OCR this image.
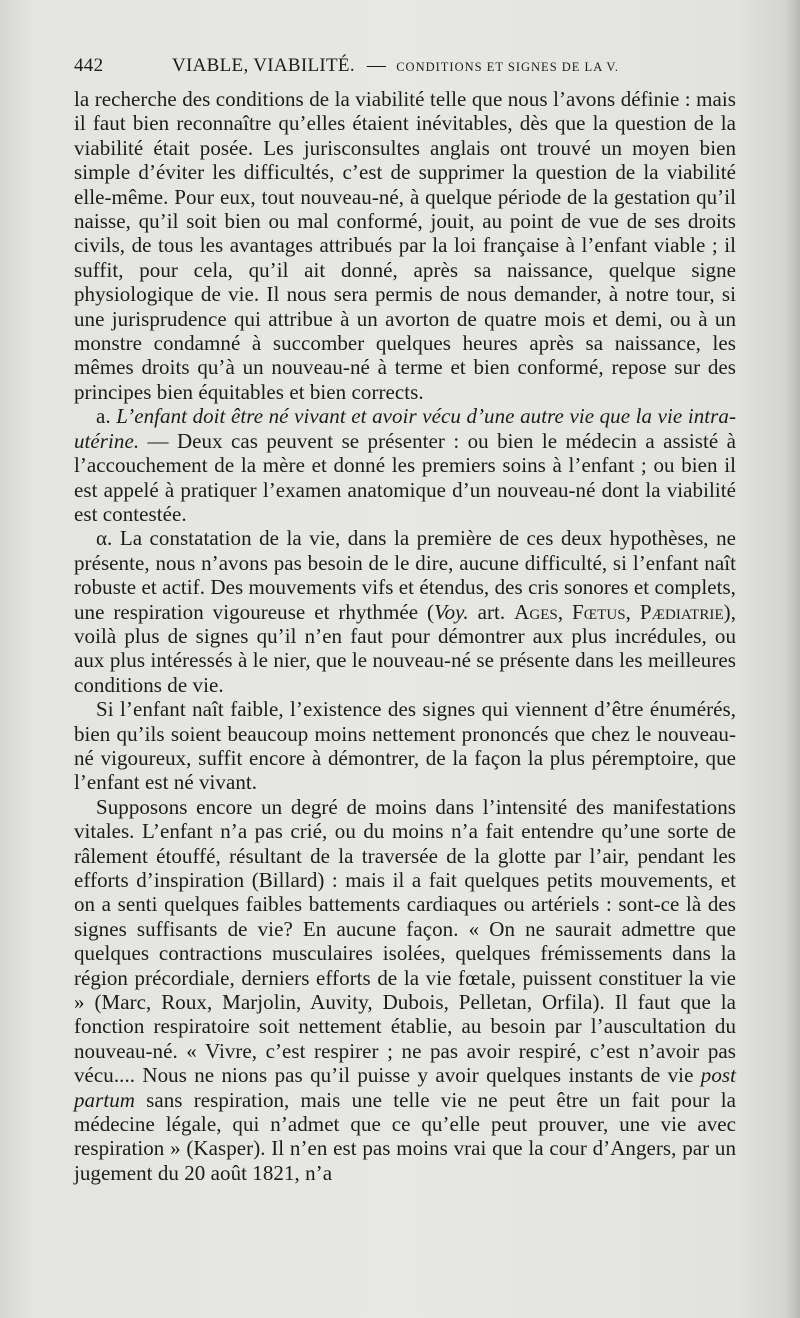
442	VIABLE, VIABILITÉ. — CONDITIONS ET SIGNES DE LA V.

la recherche des conditions de la viabilité telle que nous l’avons définie : mais il faut bien reconnaître qu’elles étaient inévitables, dès que la question de la viabilité était posée. Les jurisconsultes anglais ont trouvé un moyen bien simple d’éviter les difficultés, c’est de supprimer la question de la viabilité elle-même. Pour eux, tout nouveau-né, à quelque période de la gestation qu’il naisse, qu’il soit bien ou mal conformé, jouit, au point de vue de ses droits civils, de tous les avantages attribués par la loi française à l’enfant viable ; il suffit, pour cela, qu’il ait donné, après sa naissance, quelque signe physiologique de vie. Il nous sera permis de nous demander, à notre tour, si une jurisprudence qui attribue à un avorton de quatre mois et demi, ou à un monstre condamné à succomber quelques heures après sa naissance, les mêmes droits qu’à un nouveau-né à terme et bien conformé, repose sur des principes bien équitables et bien corrects.

a. L’enfant doit être né vivant et avoir vécu d’une autre vie que la vie intra-utérine. — Deux cas peuvent se présenter : ou bien le médecin a assisté à l’accouchement de la mère et donné les premiers soins à l’enfant ; ou bien il est appelé à pratiquer l’examen anatomique d’un nouveau-né dont la viabilité est contestée.

α. La constatation de la vie, dans la première de ces deux hypothèses, ne présente, nous n’avons pas besoin de le dire, aucune difficulté, si l’enfant naît robuste et actif. Des mouvements vifs et étendus, des cris sonores et complets, une respiration vigoureuse et rhythmée (Voy. art. Ages, Fœtus, Pædiatrie), voilà plus de signes qu’il n’en faut pour démontrer aux plus incrédules, ou aux plus intéressés à le nier, que le nouveau-né se présente dans les meilleures conditions de vie.

Si l’enfant naît faible, l’existence des signes qui viennent d’être énumérés, bien qu’ils soient beaucoup moins nettement prononcés que chez le nouveau-né vigoureux, suffit encore à démontrer, de la façon la plus péremptoire, que l’enfant est né vivant.

Supposons encore un degré de moins dans l’intensité des manifestations vitales. L’enfant n’a pas crié, ou du moins n’a fait entendre qu’une sorte de râlement étouffé, résultant de la traversée de la glotte par l’air, pendant les efforts d’inspiration (Billard) : mais il a fait quelques petits mouvements, et on a senti quelques faibles battements cardiaques ou artériels : sont-ce là des signes suffisants de vie? En aucune façon. « On ne saurait admettre que quelques contractions musculaires isolées, quelques frémissements dans la région précordiale, derniers efforts de la vie fœtale, puissent constituer la vie » (Marc, Roux, Marjolin, Auvity, Dubois, Pelletan, Orfila). Il faut que la fonction respiratoire soit nettement établie, au besoin par l’auscultation du nouveau-né. « Vivre, c’est respirer ; ne pas avoir respiré, c’est n’avoir pas vécu.... Nous ne nions pas qu’il puisse y avoir quelques instants de vie post partum sans respiration, mais une telle vie ne peut être un fait pour la médecine légale, qui n’admet que ce qu’elle peut prouver, une vie avec respiration » (Kasper). Il n’en est pas moins vrai que la cour d’Angers, par un jugement du 20 août 1821, n’a
